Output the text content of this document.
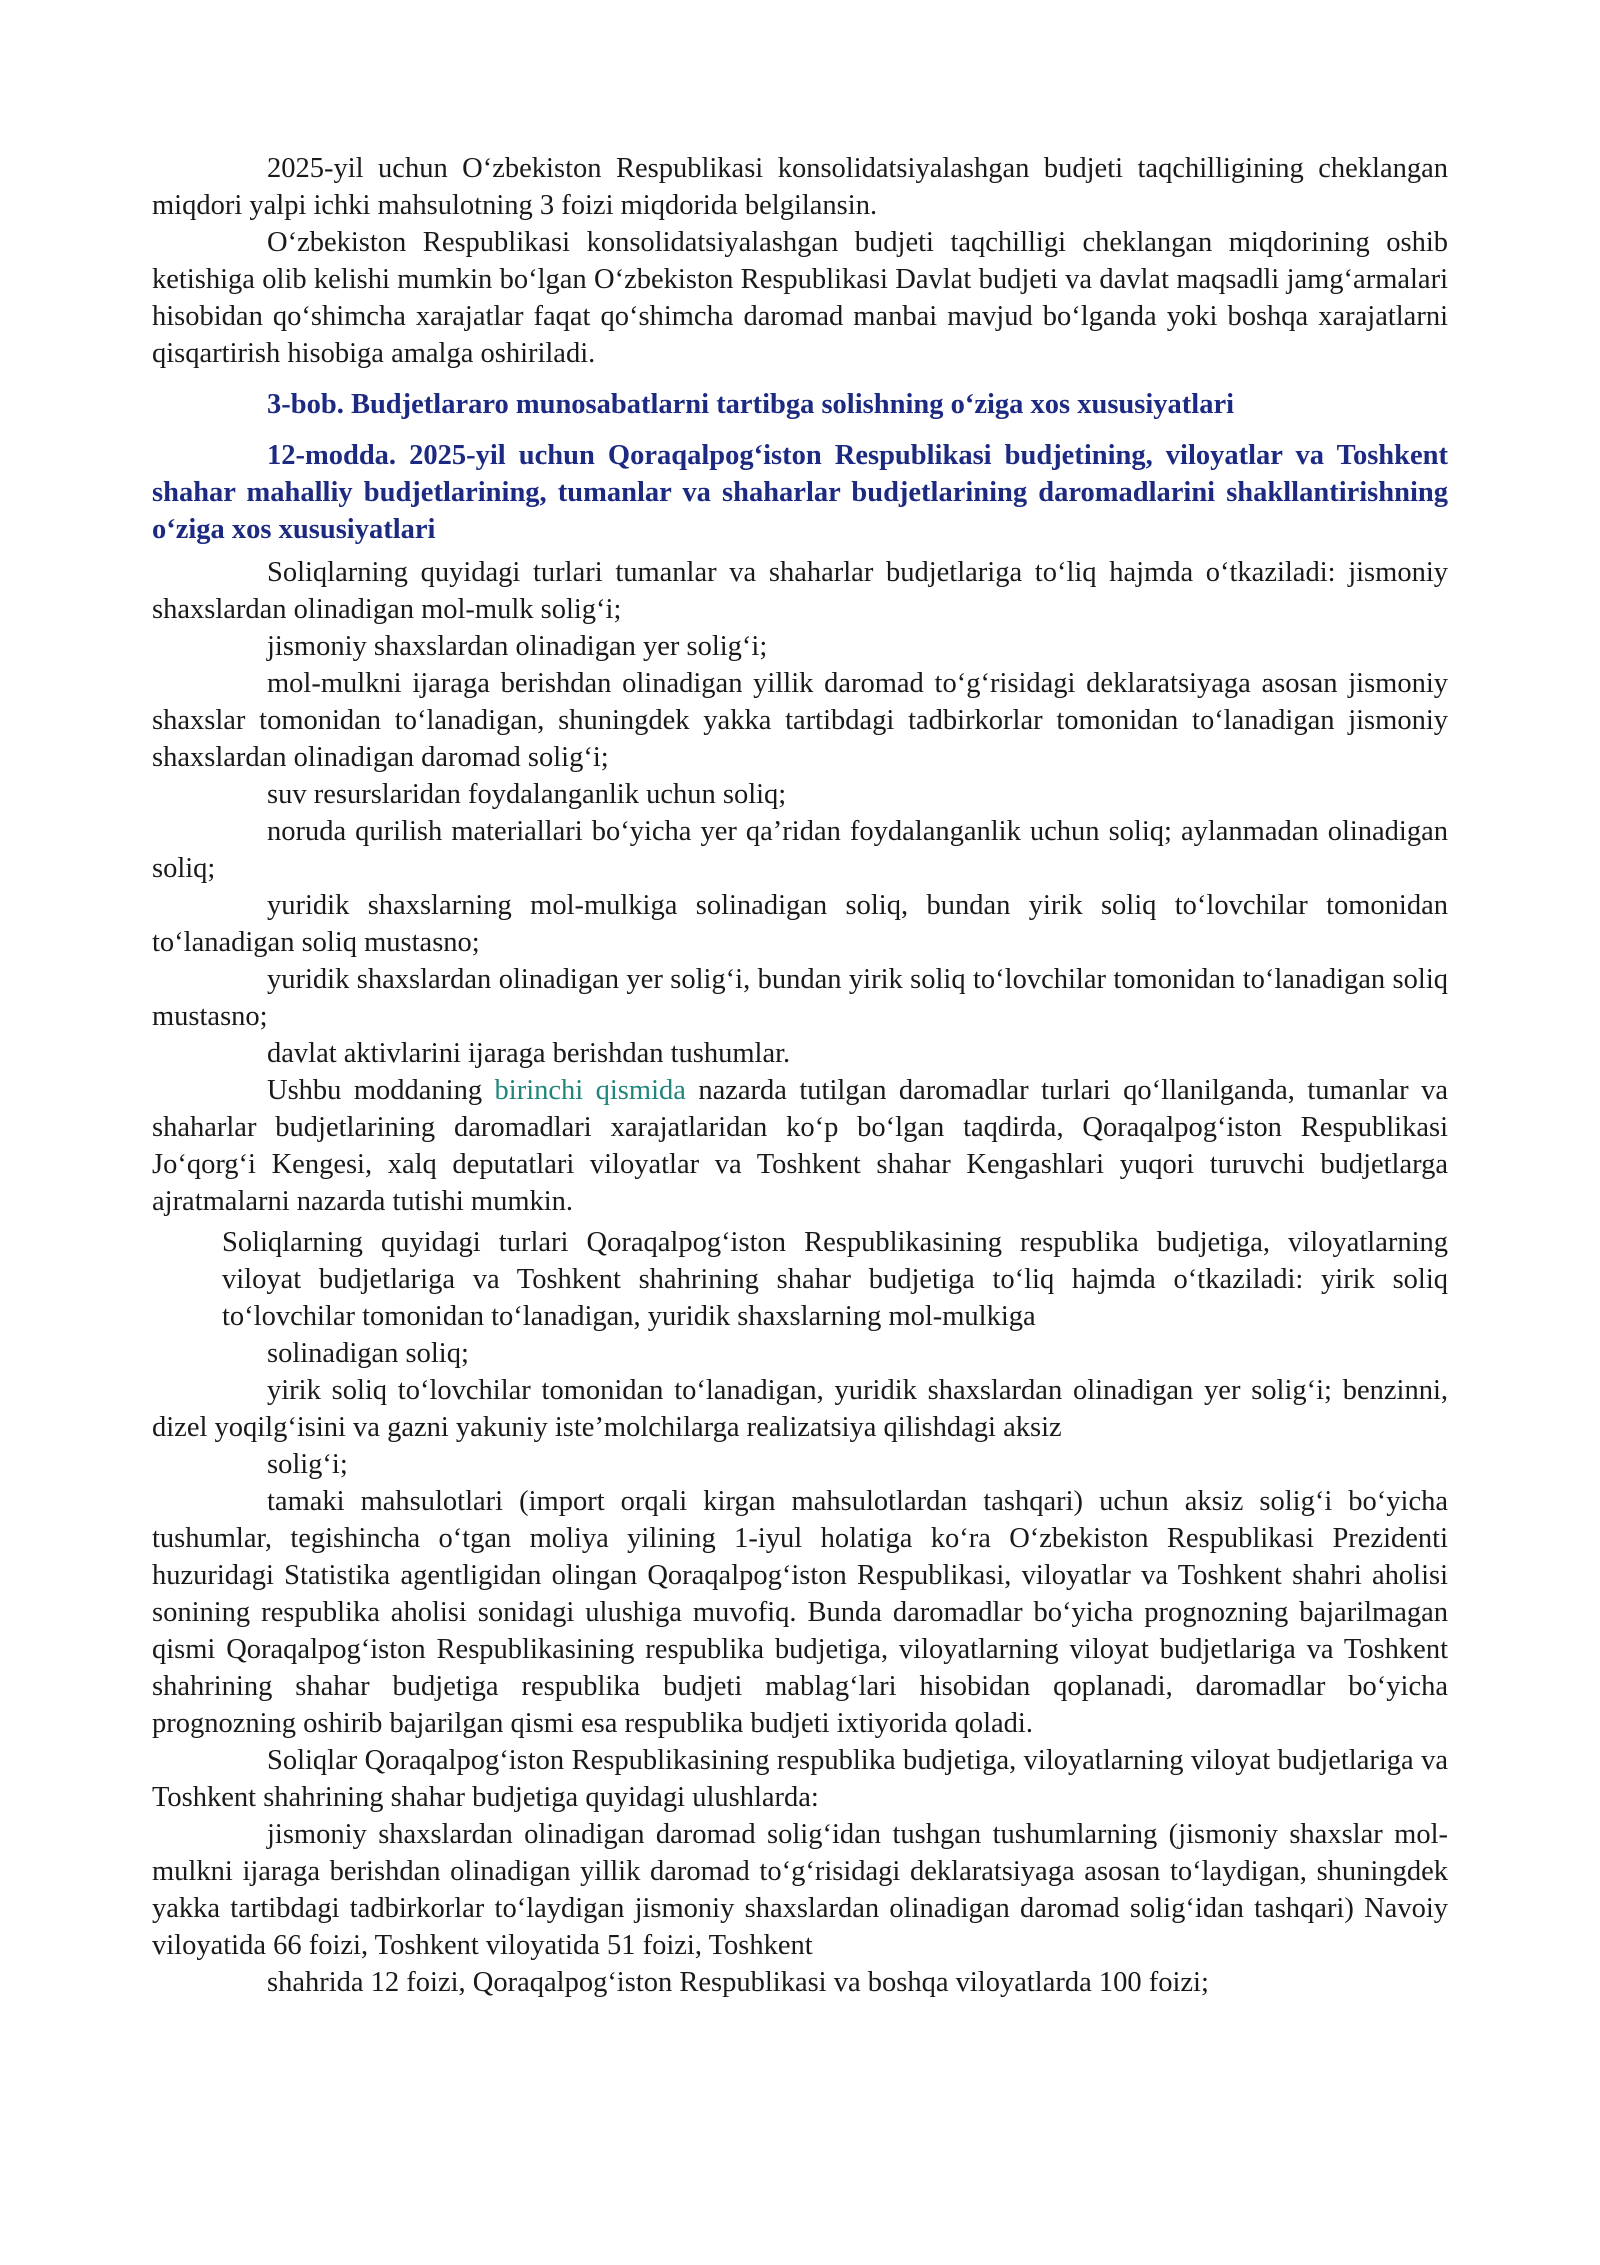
2025-yil uchun O‘zbekiston Respublikasi konsolidatsiyalashgan budjeti taqchilligining cheklangan miqdori yalpi ichki mahsulotning 3 foizi miqdorida belgilansin.

O‘zbekiston Respublikasi konsolidatsiyalashgan budjeti taqchilligi cheklangan miqdorining oshib ketishiga olib kelishi mumkin bo‘lgan O‘zbekiston Respublikasi Davlat budjeti va davlat maqsadli jamg‘armalari hisobidan qo‘shimcha xarajatlar faqat qo‘shimcha daromad manbai mavjud bo‘lganda yoki boshqa xarajatlarni qisqartirish hisobiga amalga oshiriladi.

3-bob. Budjetlararo munosabatlarni tartibga solishning o‘ziga xos xususiyatlari

12-modda. 2025-yil uchun Qoraqalpog‘iston Respublikasi budjetining, viloyatlar va Toshkent shahar mahalliy budjetlarining, tumanlar va shaharlar budjetlarining daromadlarini shakllantirishning o‘ziga xos xususiyatlari

Soliqlarning quyidagi turlari tumanlar va shaharlar budjetlariga to‘liq hajmda o‘tkaziladi: jismoniy shaxslardan olinadigan mol-mulk solig‘i;

jismoniy shaxslardan olinadigan yer solig‘i;

mol-mulkni ijaraga berishdan olinadigan yillik daromad to‘g‘risidagi deklaratsiyaga asosan jismoniy shaxslar tomonidan to‘lanadigan, shuningdek yakka tartibdagi tadbirkorlar tomonidan to‘lanadigan jismoniy shaxslardan olinadigan daromad solig‘i;

suv resurslaridan foydalanganlik uchun soliq;

noruda qurilish materiallari bo‘yicha yer qa’ridan foydalanganlik uchun soliq; aylanmadan olinadigan soliq;

yuridik shaxslarning mol-mulkiga solinadigan soliq, bundan yirik soliq to‘lovchilar tomonidan to‘lanadigan soliq mustasno;

yuridik shaxslardan olinadigan yer solig‘i, bundan yirik soliq to‘lovchilar tomonidan to‘lanadigan soliq mustasno;

davlat aktivlarini ijaraga berishdan tushumlar.

Ushbu moddaning birinchi qismida nazarda tutilgan daromadlar turlari qo‘llanilganda, tumanlar va shaharlar budjetlarining daromadlari xarajatlaridan ko‘p bo‘lgan taqdirda, Qoraqalpog‘iston Respublikasi Jo‘qorg‘i Kengesi, xalq deputatlari viloyatlar va Toshkent shahar Kengashlari yuqori turuvchi budjetlarga ajratmalarni nazarda tutishi mumkin.

Soliqlarning quyidagi turlari Qoraqalpog‘iston Respublikasining respublika budjetiga, viloyatlarning viloyat budjetlariga va Toshkent shahrining shahar budjetiga to‘liq hajmda o‘tkaziladi: yirik soliq to‘lovchilar tomonidan to‘lanadigan, yuridik shaxslarning mol-mulkiga

solinadigan soliq;

yirik soliq to‘lovchilar tomonidan to‘lanadigan, yuridik shaxslardan olinadigan yer solig‘i; benzinni, dizel yoqilg‘isini va gazni yakuniy iste’molchilarga realizatsiya qilishdagi aksiz

solig‘i;

tamaki mahsulotlari (import orqali kirgan mahsulotlardan tashqari) uchun aksiz solig‘i bo‘yicha tushumlar, tegishincha o‘tgan moliya yilining 1-iyul holatiga ko‘ra O‘zbekiston Respublikasi Prezidenti huzuridagi Statistika agentligidan olingan Qoraqalpog‘iston Respublikasi, viloyatlar va Toshkent shahri aholisi sonining respublika aholisi sonidagi ulushiga muvofiq. Bunda daromadlar bo‘yicha prognozning bajarilmagan qismi Qoraqalpog‘iston Respublikasining respublika budjetiga, viloyatlarning viloyat budjetlariga va Toshkent shahrining shahar budjetiga respublika budjeti mablag‘lari hisobidan qoplanadi, daromadlar bo‘yicha prognozning oshirib bajarilgan qismi esa respublika budjeti ixtiyorida qoladi.

Soliqlar Qoraqalpog‘iston Respublikasining respublika budjetiga, viloyatlarning viloyat budjetlariga va Toshkent shahrining shahar budjetiga quyidagi ulushlarda:

jismoniy shaxslardan olinadigan daromad solig‘idan tushgan tushumlarning (jismoniy shaxslar mol-mulkni ijaraga berishdan olinadigan yillik daromad to‘g‘risidagi deklaratsiyaga asosan to‘laydigan, shuningdek yakka tartibdagi tadbirkorlar to‘laydigan jismoniy shaxslardan olinadigan daromad solig‘idan tashqari) Navoiy viloyatida 66 foizi, Toshkent viloyatida 51 foizi, Toshkent

shahrida 12 foizi, Qoraqalpog‘iston Respublikasi va boshqa viloyatlarda 100 foizi;
